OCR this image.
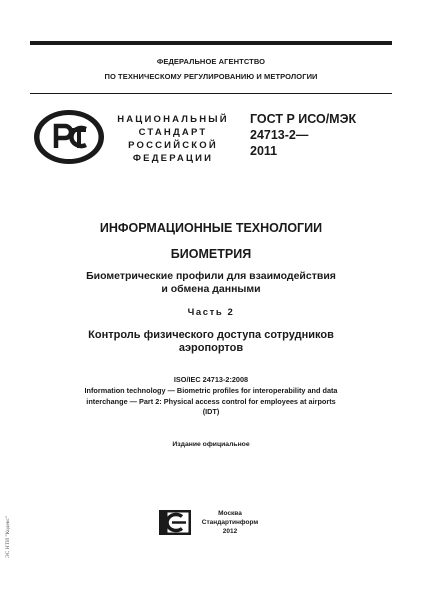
ФЕДЕРАЛЬНОЕ АГЕНТСТВО
ПО ТЕХНИЧЕСКОМУ РЕГУЛИРОВАНИЮ И МЕТРОЛОГИИ
НАЦИОНАЛЬНЫЙ
СТАНДАРТ
РОССИЙСКОЙ
ФЕДЕРАЦИИ
ГОСТ Р ИСО/МЭК
24713-2—
2011
ИНФОРМАЦИОННЫЕ ТЕХНОЛОГИИ
БИОМЕТРИЯ
Биометрические профили для взаимодействия
и обмена данными
Часть 2
Контроль физического доступа сотрудников
аэропортов
ISO/IEC 24713-2:2008
Information technology — Biometric profiles for interoperability and data
interchange — Part 2: Physical access control for employees at airports
(IDT)
Издание официальное
Москва
Стандартинформ
2012
ЭС НТИ "Кодекс"
